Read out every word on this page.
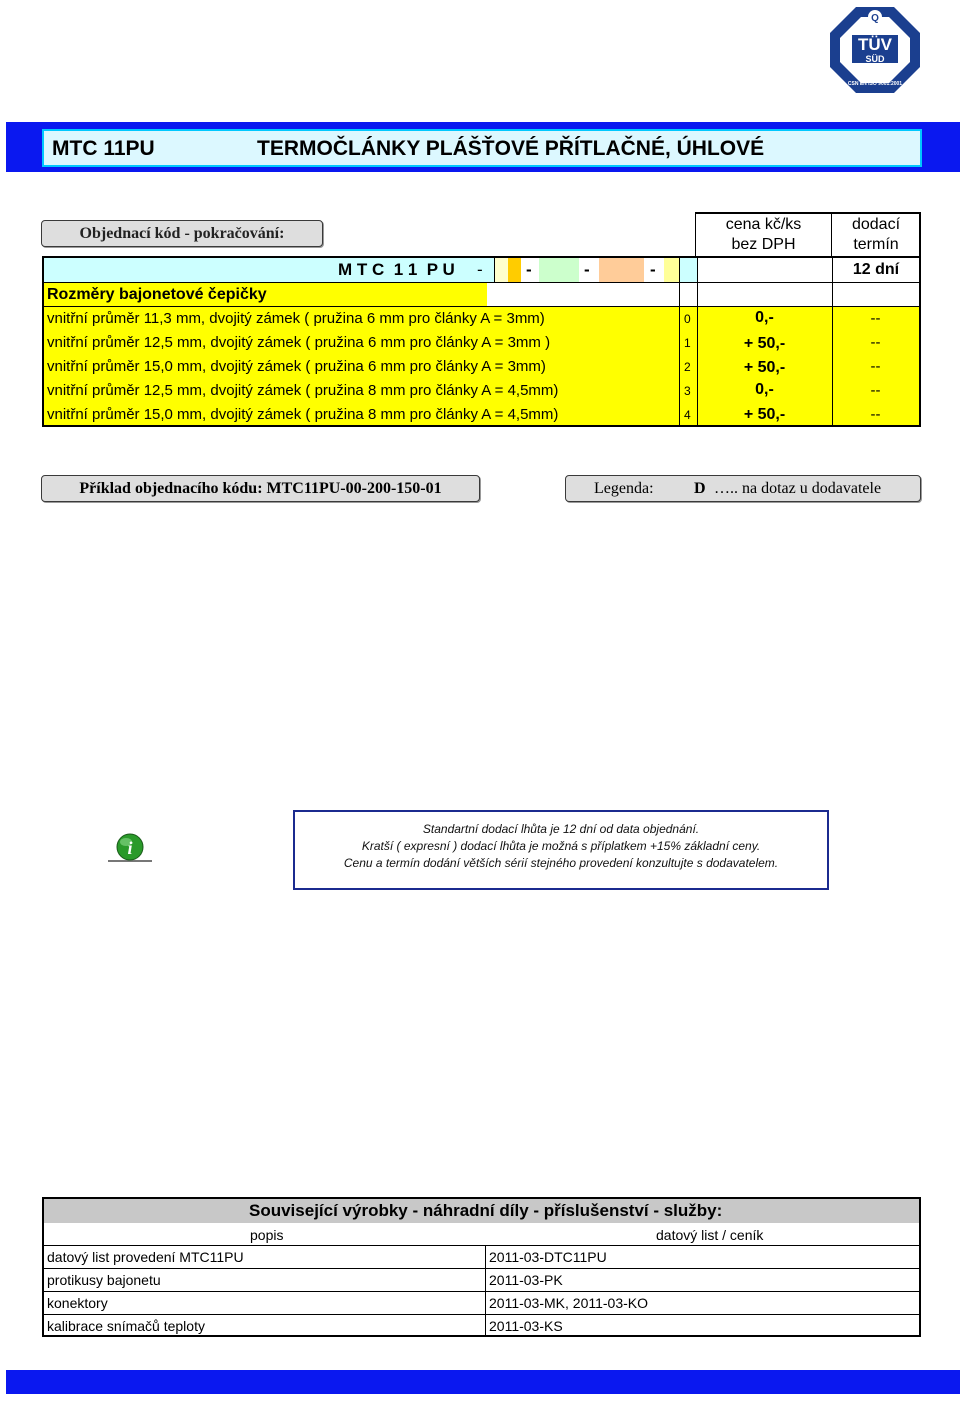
Q
TÜV
SÜD
CSN EN ISO 9001:2001
MTC 11PU	TERMOČLÁNKY PLÁŠŤOVÉ PŘÍTLAČNÉ, ÚHLOVÉ
Objednací kód - pokračování:
cena kč/ks bez DPH
dodací termín
M T C  1 1  P U -	-	-	-	12 dní
Rozměry bajonetové čepičky
vnitřní průměr 11,3 mm, dvojitý zámek ( pružina 6 mm pro články A = 3mm)	0	0,-	--
vnitřní průměr 12,5 mm, dvojitý zámek ( pružina 6 mm pro články A = 3mm )	1	+ 50,-	--
vnitřní průměr 15,0 mm, dvojitý zámek ( pružina 6 mm pro články A = 3mm)	2	+ 50,-	--
vnitřní průměr 12,5 mm, dvojitý zámek ( pružina 8 mm pro články A = 4,5mm)	3	0,-	--
vnitřní průměr 15,0 mm, dvojitý zámek ( pružina 8 mm pro články A = 4,5mm)	4	+ 50,-	--
Příklad objednacího kódu: MTC11PU-00-200-150-01	Legenda:	D ….. na dotaz u dodavatele
i
Standartní dodací lhůta je 12 dní od data objednání.
Kratší ( expresní ) dodací lhůta je možná s příplatkem +15% základní ceny.
Cenu a termín dodání větších sérií stejného provedení konzultujte s dodavatelem.
Související výrobky - náhradní díly - příslušenství - služby:
popis	datový list / ceník
datový list provedení MTC11PU	2011-03-DTC11PU
protikusy bajonetu	2011-03-PK
konektory	2011-03-MK, 2011-03-KO
kalibrace snímačů teploty	2011-03-KS

2 0 1 1 - 0 3 - T C 1 1 P U
